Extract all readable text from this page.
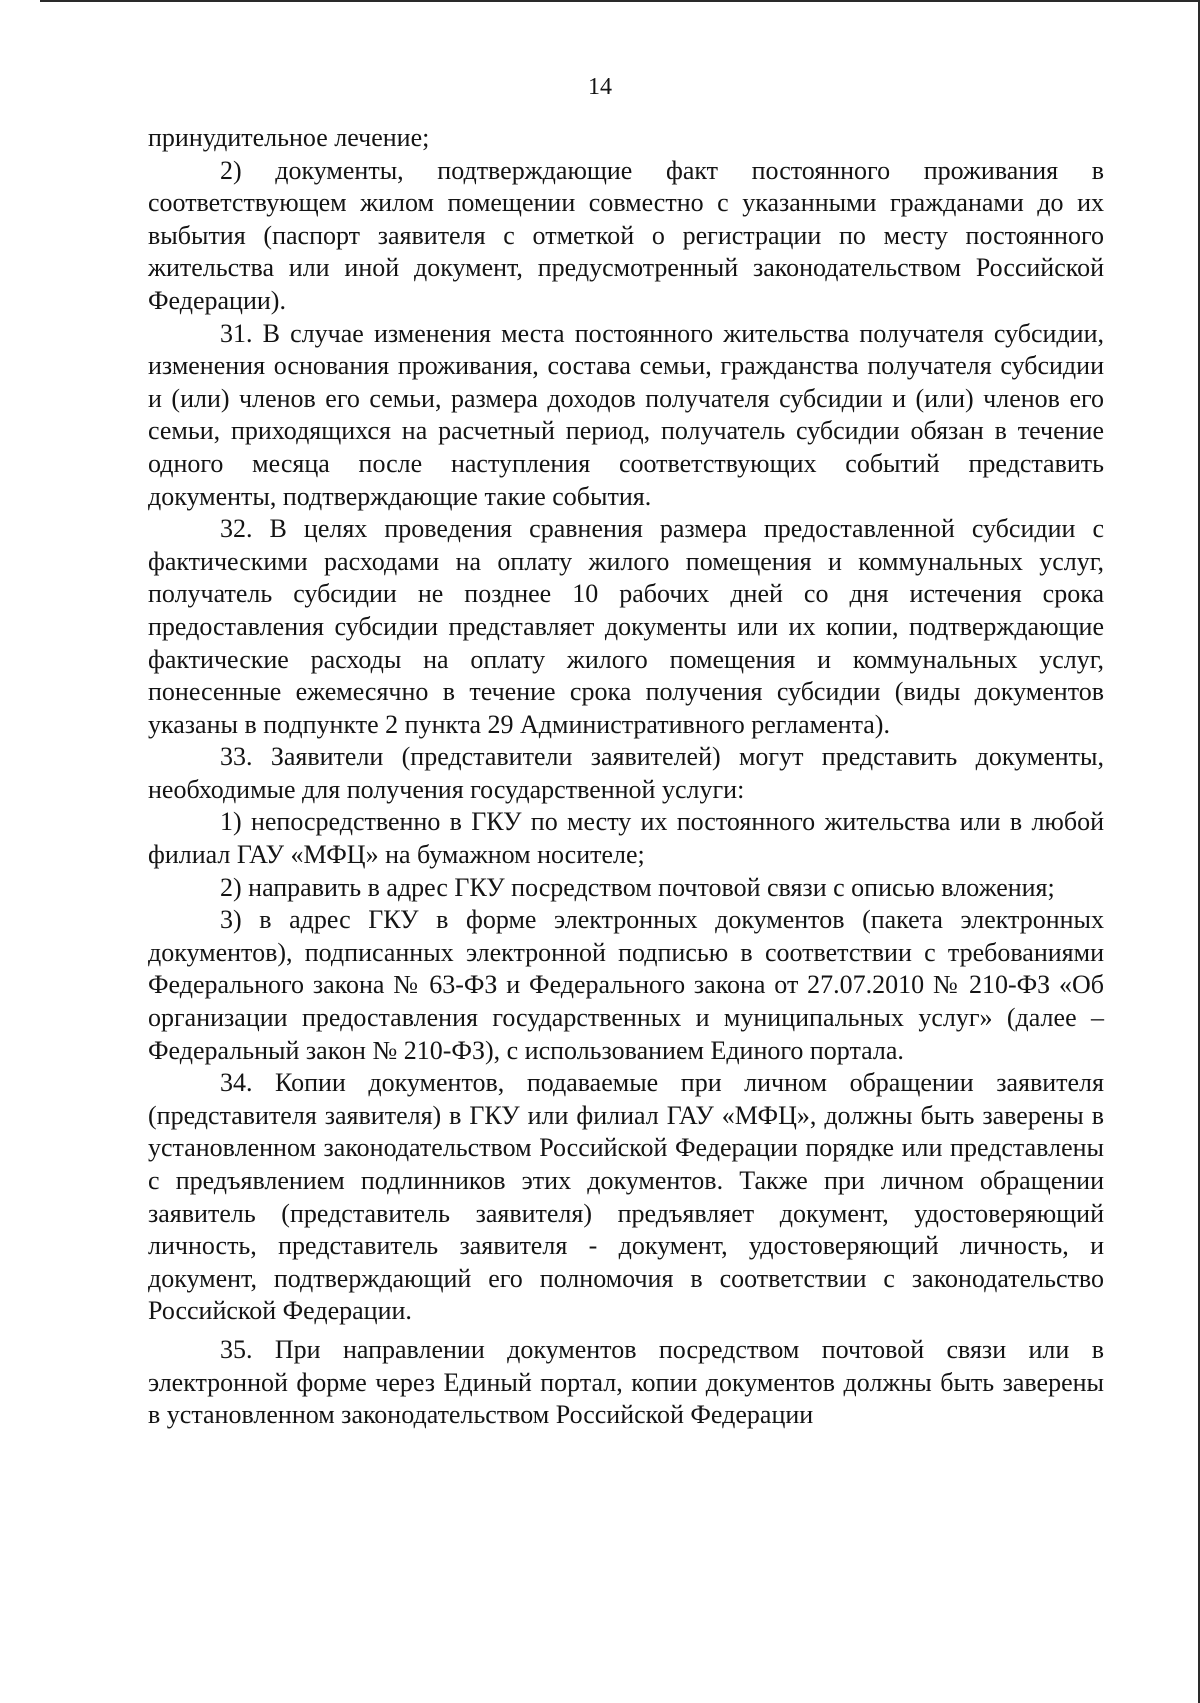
14

принудительное лечение;

2) документы, подтверждающие факт постоянного проживания в соответствующем жилом помещении совместно с указанными гражданами до их выбытия (паспорт заявителя с отметкой о регистрации по месту постоянного жительства или иной документ, предусмотренный законодательством Российской Федерации).

31. В случае изменения места постоянного жительства получателя субсидии, изменения основания проживания, состава семьи, гражданства получателя субсидии и (или) членов его семьи, размера доходов получателя субсидии и (или) членов его семьи, приходящихся на расчетный период, получатель субсидии обязан в течение одного месяца после наступления соответствующих событий представить документы, подтверждающие такие события.

32. В целях проведения сравнения размера предоставленной субсидии с фактическими расходами на оплату жилого помещения и коммунальных услуг, получатель субсидии не позднее 10 рабочих дней со дня истечения срока предоставления субсидии представляет документы или их копии, подтверждающие фактические расходы на оплату жилого помещения и коммунальных услуг, понесенные ежемесячно в течение срока получения субсидии (виды документов указаны в подпункте 2 пункта 29 Административного регламента).

33. Заявители (представители заявителей) могут представить документы, необходимые для получения государственной услуги:

1) непосредственно в ГКУ по месту их постоянного жительства или в любой филиал ГАУ «МФЦ» на бумажном носителе;

2) направить в адрес ГКУ посредством почтовой связи с описью вложения;

3) в адрес ГКУ в форме электронных документов (пакета электронных документов), подписанных электронной подписью в соответствии с требованиями Федерального закона № 63-ФЗ и Федерального закона от 27.07.2010 № 210-ФЗ «Об организации предоставления государственных и муниципальных услуг» (далее – Федеральный закон № 210-ФЗ), с использованием Единого портала.

34. Копии документов, подаваемые при личном обращении заявителя (представителя заявителя) в ГКУ или филиал ГАУ «МФЦ», должны быть заверены в установленном законодательством Российской Федерации порядке или представлены с предъявлением подлинников этих документов. Также при личном обращении заявитель (представитель заявителя) предъявляет документ, удостоверяющий личность, представитель заявителя - документ, удостоверяющий личность, и документ, подтверждающий его полномочия в соответствии с законодательство Российской Федерации.

35. При направлении документов посредством почтовой связи или в электронной форме через Единый портал, копии документов должны быть заверены в установленном законодательством Российской Федерации
